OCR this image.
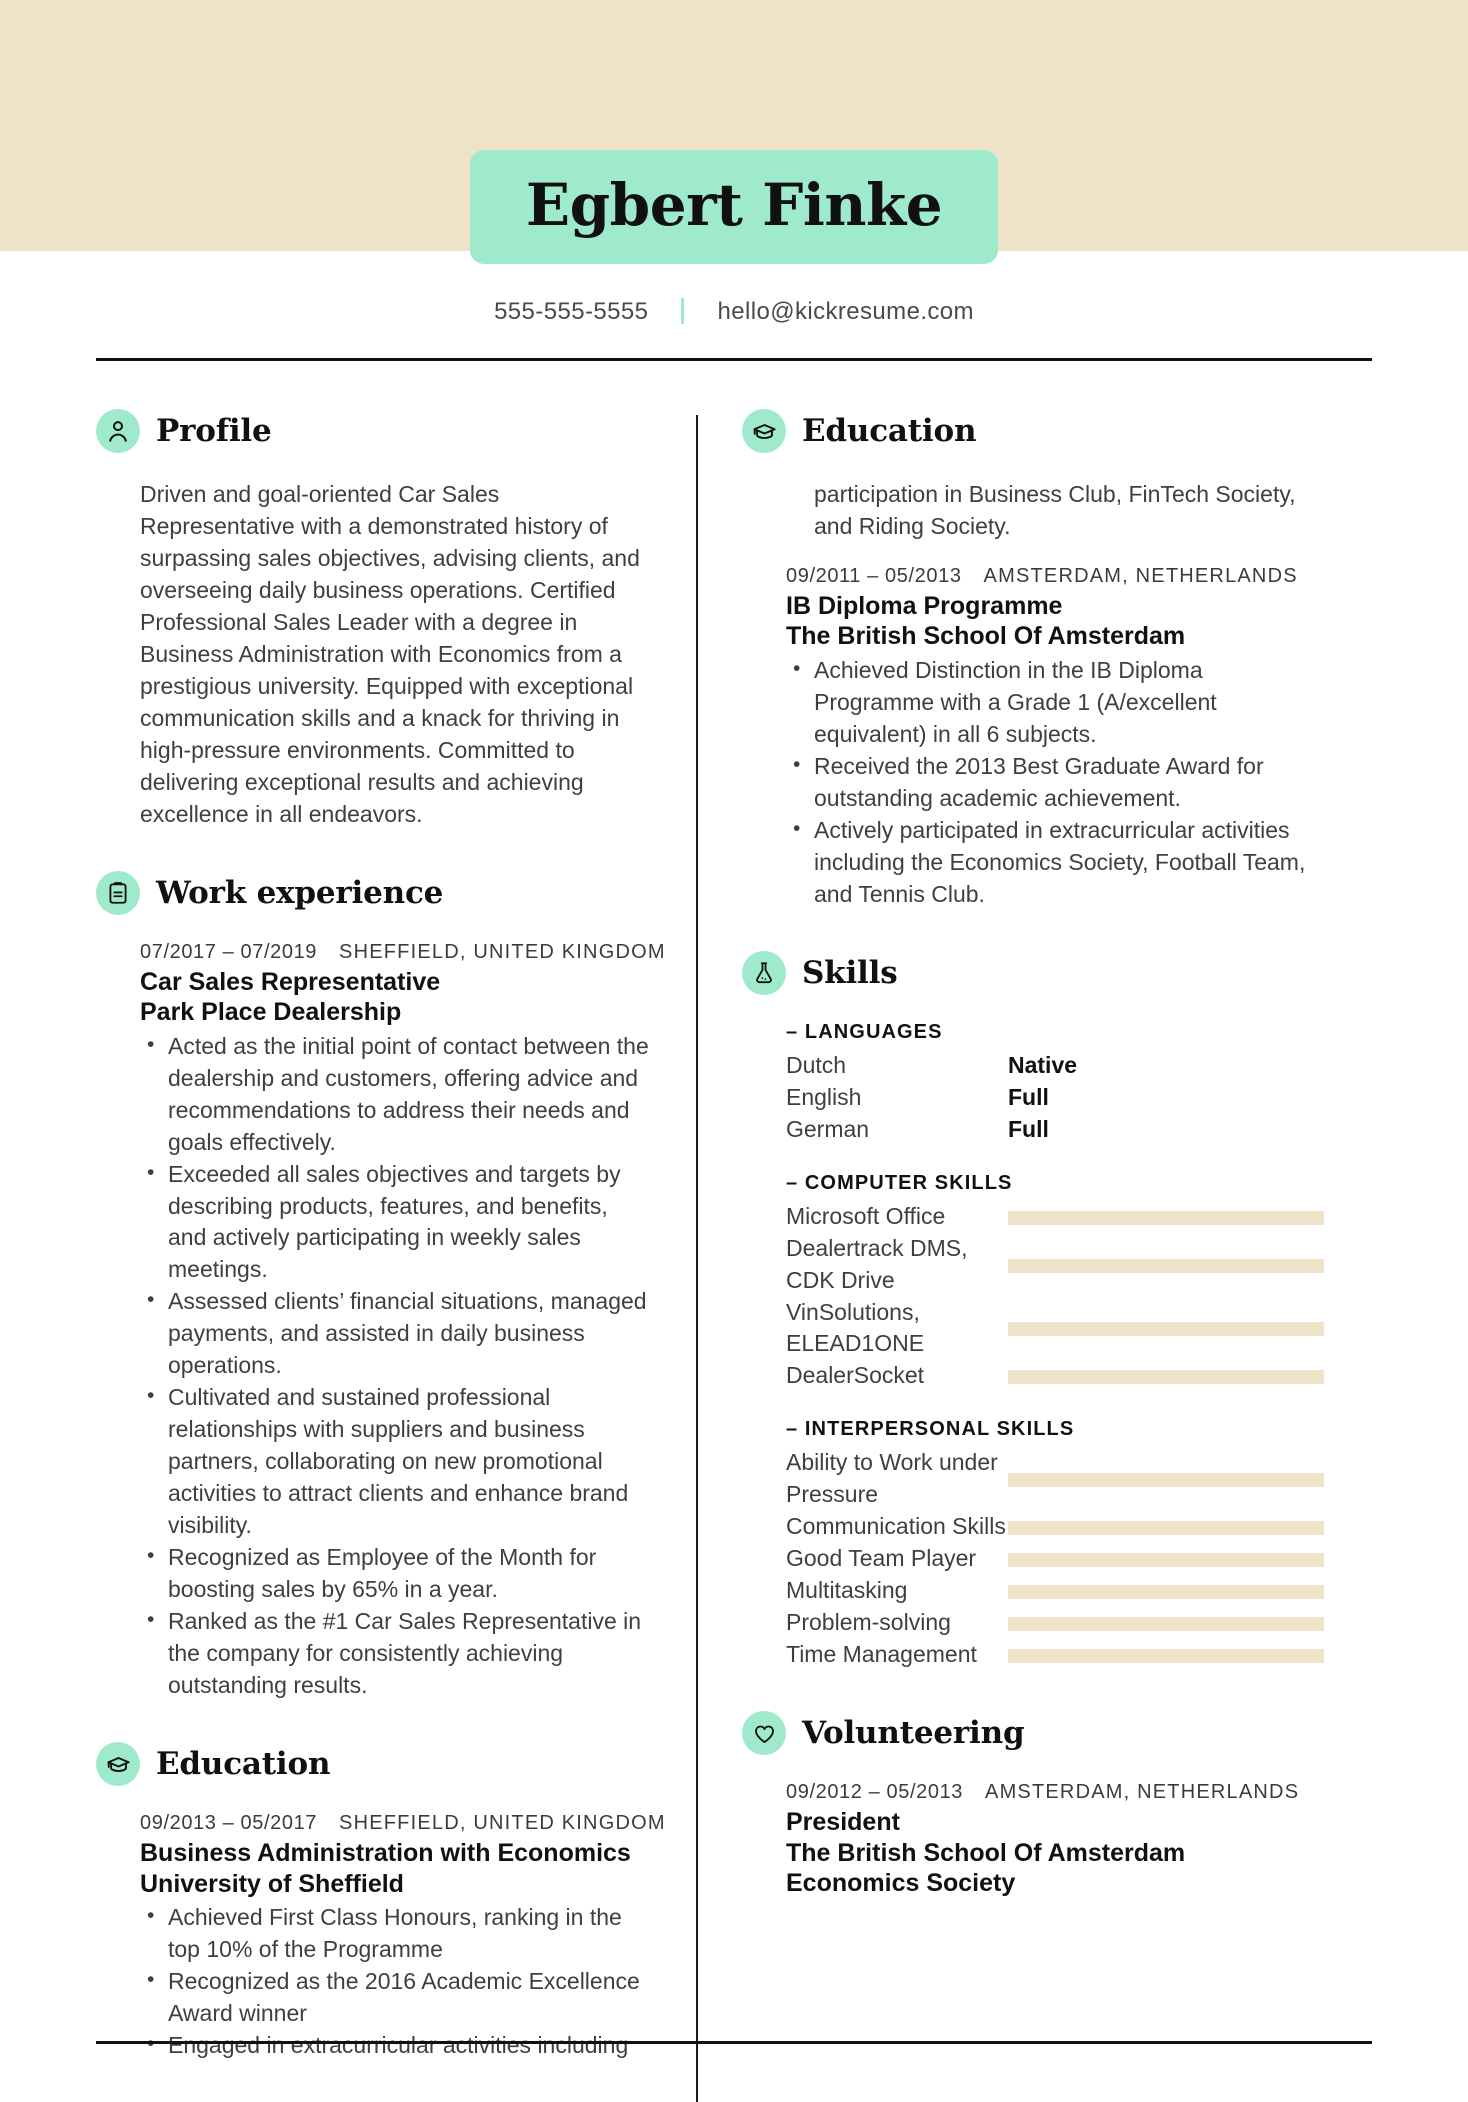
Egbert Finke
555-555-5555	hello@kickresume.com
Profile
Driven and goal-oriented Car Sales Representative with a demonstrated history of surpassing sales objectives, advising clients, and overseeing daily business operations. Certified Professional Sales Leader with a degree in Business Administration with Economics from a prestigious university. Equipped with exceptional communication skills and a knack for thriving in high-pressure environments. Committed to delivering exceptional results and achieving excellence in all endeavors.
Work experience
07/2017 – 07/2019 SHEFFIELD, UNITED KINGDOM
Car Sales Representative
Park Place Dealership
• Acted as the initial point of contact between the dealership and customers, offering advice and recommendations to address their needs and goals effectively.
• Exceeded all sales objectives and targets by describing products, features, and benefits, and actively participating in weekly sales meetings.
• Assessed clients’ financial situations, managed payments, and assisted in daily business operations.
• Cultivated and sustained professional relationships with suppliers and business partners, collaborating on new promotional activities to attract clients and enhance brand visibility.
• Recognized as Employee of the Month for boosting sales by 65% in a year.
• Ranked as the #1 Car Sales Representative in the company for consistently achieving outstanding results.
Education
09/2013 – 05/2017 SHEFFIELD, UNITED KINGDOM
Business Administration with Economics
University of Sheffield
• Achieved First Class Honours, ranking in the top 10% of the Programme
• Recognized as the 2016 Academic Excellence Award winner
• Engaged in extracurricular activities including
Education
participation in Business Club, FinTech Society, and Riding Society.
09/2011 – 05/2013 AMSTERDAM, NETHERLANDS
IB Diploma Programme
The British School Of Amsterdam
• Achieved Distinction in the IB Diploma Programme with a Grade 1 (A/excellent equivalent) in all 6 subjects.
• Received the 2013 Best Graduate Award for outstanding academic achievement.
• Actively participated in extracurricular activities including the Economics Society, Football Team, and Tennis Club.
Skills
– LANGUAGES
Dutch	Native
English	Full
German	Full
– COMPUTER SKILLS
Microsoft Office
Dealertrack DMS, CDK Drive
VinSolutions, ELEAD1ONE
DealerSocket
– INTERPERSONAL SKILLS
Ability to Work under Pressure
Communication Skills
Good Team Player
Multitasking
Problem-solving
Time Management
Volunteering
09/2012 – 05/2013 AMSTERDAM, NETHERLANDS
President
The British School Of Amsterdam Economics Society
